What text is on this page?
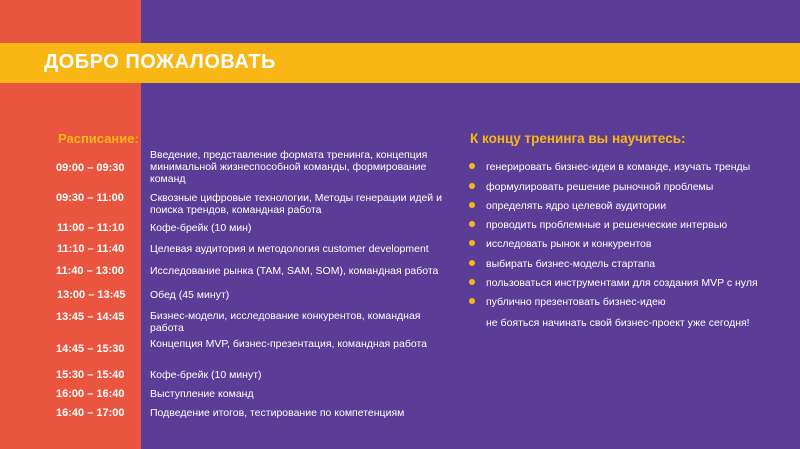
ДОБРО ПОЖАЛОВАТЬ
Расписание:
09:00 – 09:30
Введение, представление формата тренинга, концепция минимальной жизнеспособной команды, формирование команд
09:30 – 11:00 Сквозные цифровые технологии, Методы генерации идей и поиска трендов, командная работа
11:00 – 11:10 Кофе-брейк (10 мин)
11:10 – 11:40 Целевая аудитория и методология customer development
11:40 – 13:00 Исследование рынка (TAM, SAM, SOM), командная работа
13:00 – 13:45 Обед (45 минут)
13:45 – 14:45 Бизнес-модели, исследование конкурентов, командная работа
14:45 – 15:30 Концепция MVP, бизнес-презентация, командная работа
15:30 – 15:40 Кофе-брейк (10 минут)
16:00 – 16:40 Выступление команд
16:40 – 17:00 Подведение итогов, тестирование по компетенциям
К концу тренинга вы научитесь:
генерировать бизнес-идеи в команде, изучать тренды
формулировать решение рыночной проблемы
определять ядро целевой аудитории
проводить проблемные и решенческие интервью
исследовать рынок и конкурентов
выбирать бизнес-модель стартапа
пользоваться инструментами для создания MVP с нуля
публично презентовать бизнес-идею
не бояться начинать свой бизнес-проект уже сегодня!
